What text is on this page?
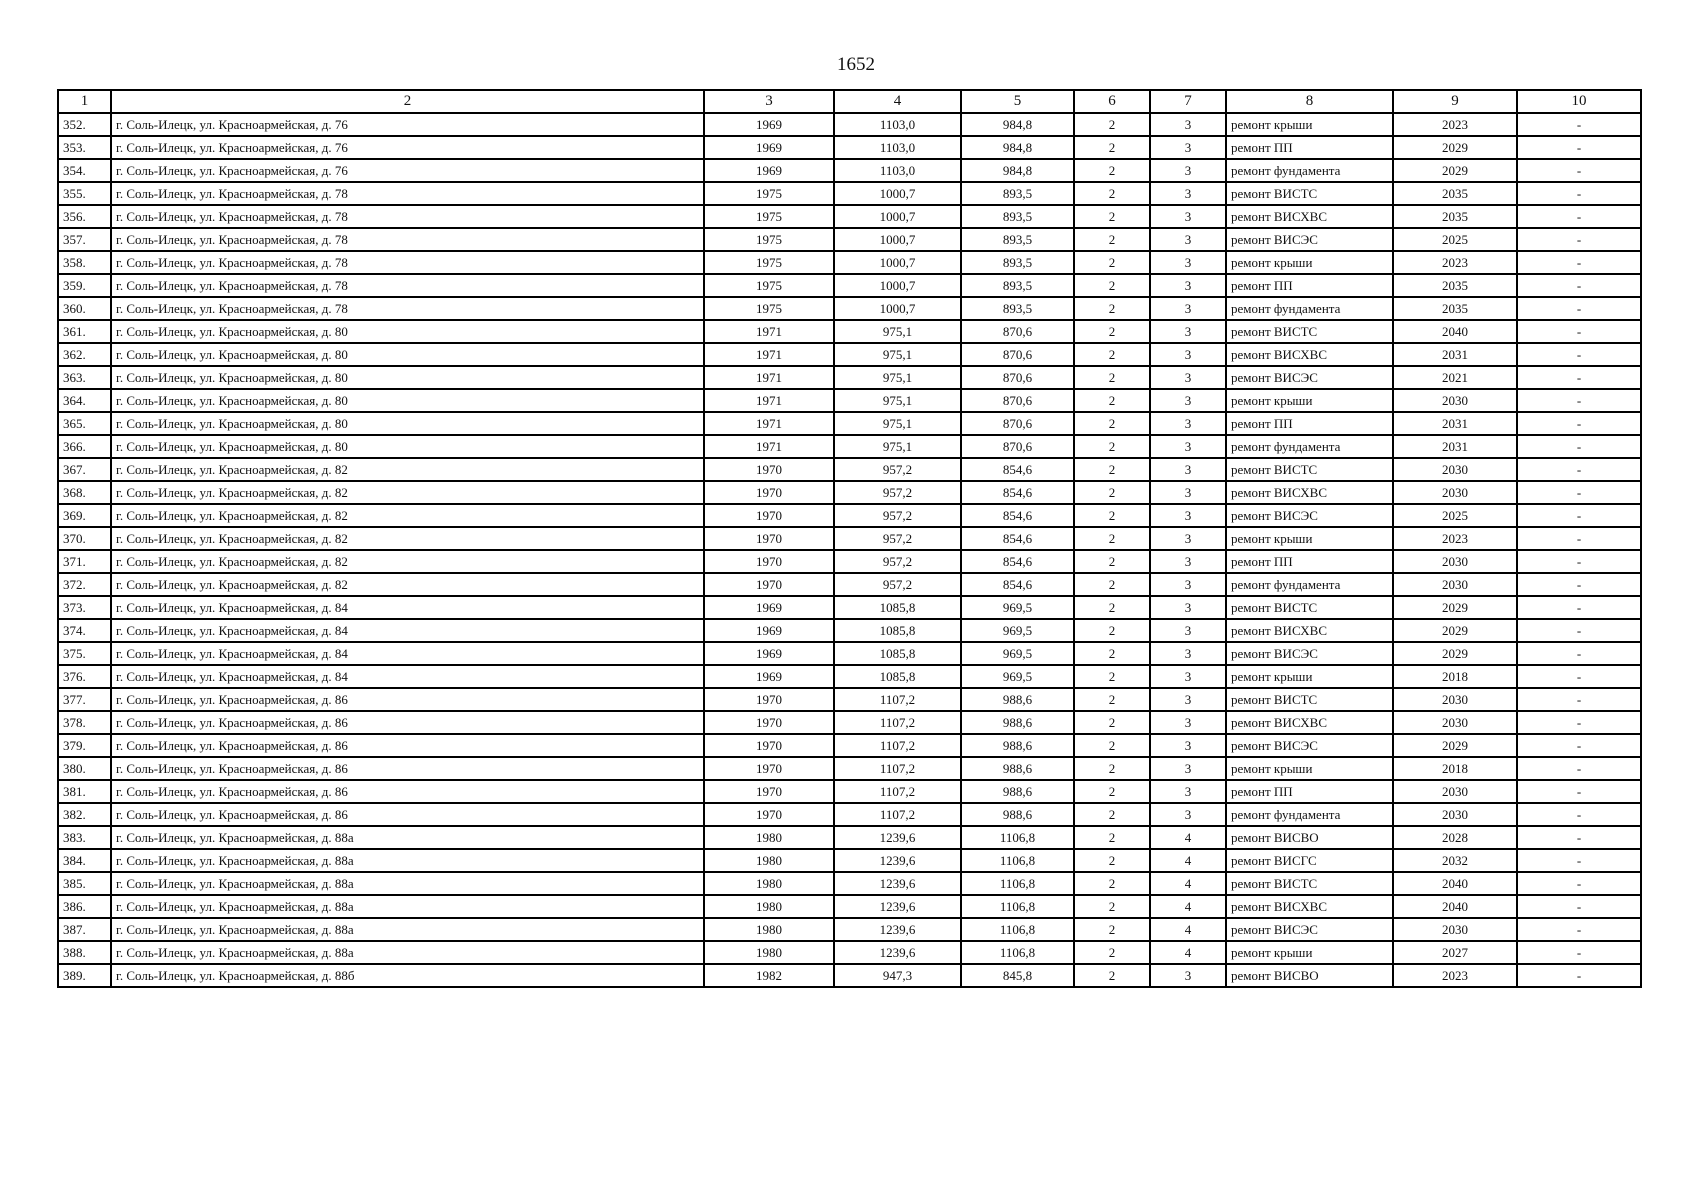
1652
1	2	3	4	5	6	7	8	9	10
352.	г. Соль-Илецк, ул. Красноармейская, д. 76	1969	1103,0	984,8	2	3	ремонт крыши	2023	-
353.	г. Соль-Илецк, ул. Красноармейская, д. 76	1969	1103,0	984,8	2	3	ремонт ПП	2029	-
354.	г. Соль-Илецк, ул. Красноармейская, д. 76	1969	1103,0	984,8	2	3	ремонт фундамента	2029	-
355.	г. Соль-Илецк, ул. Красноармейская, д. 78	1975	1000,7	893,5	2	3	ремонт ВИСТС	2035	-
356.	г. Соль-Илецк, ул. Красноармейская, д. 78	1975	1000,7	893,5	2	3	ремонт ВИСХВС	2035	-
357.	г. Соль-Илецк, ул. Красноармейская, д. 78	1975	1000,7	893,5	2	3	ремонт ВИСЭС	2025	-
358.	г. Соль-Илецк, ул. Красноармейская, д. 78	1975	1000,7	893,5	2	3	ремонт крыши	2023	-
359.	г. Соль-Илецк, ул. Красноармейская, д. 78	1975	1000,7	893,5	2	3	ремонт ПП	2035	-
360.	г. Соль-Илецк, ул. Красноармейская, д. 78	1975	1000,7	893,5	2	3	ремонт фундамента	2035	-
361.	г. Соль-Илецк, ул. Красноармейская, д. 80	1971	975,1	870,6	2	3	ремонт ВИСТС	2040	-
362.	г. Соль-Илецк, ул. Красноармейская, д. 80	1971	975,1	870,6	2	3	ремонт ВИСХВС	2031	-
363.	г. Соль-Илецк, ул. Красноармейская, д. 80	1971	975,1	870,6	2	3	ремонт ВИСЭС	2021	-
364.	г. Соль-Илецк, ул. Красноармейская, д. 80	1971	975,1	870,6	2	3	ремонт крыши	2030	-
365.	г. Соль-Илецк, ул. Красноармейская, д. 80	1971	975,1	870,6	2	3	ремонт ПП	2031	-
366.	г. Соль-Илецк, ул. Красноармейская, д. 80	1971	975,1	870,6	2	3	ремонт фундамента	2031	-
367.	г. Соль-Илецк, ул. Красноармейская, д. 82	1970	957,2	854,6	2	3	ремонт ВИСТС	2030	-
368.	г. Соль-Илецк, ул. Красноармейская, д. 82	1970	957,2	854,6	2	3	ремонт ВИСХВС	2030	-
369.	г. Соль-Илецк, ул. Красноармейская, д. 82	1970	957,2	854,6	2	3	ремонт ВИСЭС	2025	-
370.	г. Соль-Илецк, ул. Красноармейская, д. 82	1970	957,2	854,6	2	3	ремонт крыши	2023	-
371.	г. Соль-Илецк, ул. Красноармейская, д. 82	1970	957,2	854,6	2	3	ремонт ПП	2030	-
372.	г. Соль-Илецк, ул. Красноармейская, д. 82	1970	957,2	854,6	2	3	ремонт фундамента	2030	-
373.	г. Соль-Илецк, ул. Красноармейская, д. 84	1969	1085,8	969,5	2	3	ремонт ВИСТС	2029	-
374.	г. Соль-Илецк, ул. Красноармейская, д. 84	1969	1085,8	969,5	2	3	ремонт ВИСХВС	2029	-
375.	г. Соль-Илецк, ул. Красноармейская, д. 84	1969	1085,8	969,5	2	3	ремонт ВИСЭС	2029	-
376.	г. Соль-Илецк, ул. Красноармейская, д. 84	1969	1085,8	969,5	2	3	ремонт крыши	2018	-
377.	г. Соль-Илецк, ул. Красноармейская, д. 86	1970	1107,2	988,6	2	3	ремонт ВИСТС	2030	-
378.	г. Соль-Илецк, ул. Красноармейская, д. 86	1970	1107,2	988,6	2	3	ремонт ВИСХВС	2030	-
379.	г. Соль-Илецк, ул. Красноармейская, д. 86	1970	1107,2	988,6	2	3	ремонт ВИСЭС	2029	-
380.	г. Соль-Илецк, ул. Красноармейская, д. 86	1970	1107,2	988,6	2	3	ремонт крыши	2018	-
381.	г. Соль-Илецк, ул. Красноармейская, д. 86	1970	1107,2	988,6	2	3	ремонт ПП	2030	-
382.	г. Соль-Илецк, ул. Красноармейская, д. 86	1970	1107,2	988,6	2	3	ремонт фундамента	2030	-
383.	г. Соль-Илецк, ул. Красноармейская, д. 88а	1980	1239,6	1106,8	2	4	ремонт ВИСВО	2028	-
384.	г. Соль-Илецк, ул. Красноармейская, д. 88а	1980	1239,6	1106,8	2	4	ремонт ВИСГС	2032	-
385.	г. Соль-Илецк, ул. Красноармейская, д. 88а	1980	1239,6	1106,8	2	4	ремонт ВИСТС	2040	-
386.	г. Соль-Илецк, ул. Красноармейская, д. 88а	1980	1239,6	1106,8	2	4	ремонт ВИСХВС	2040	-
387.	г. Соль-Илецк, ул. Красноармейская, д. 88а	1980	1239,6	1106,8	2	4	ремонт ВИСЭС	2030	-
388.	г. Соль-Илецк, ул. Красноармейская, д. 88а	1980	1239,6	1106,8	2	4	ремонт крыши	2027	-
389.	г. Соль-Илецк, ул. Красноармейская, д. 88б	1982	947,3	845,8	2	3	ремонт ВИСВО	2023	-
